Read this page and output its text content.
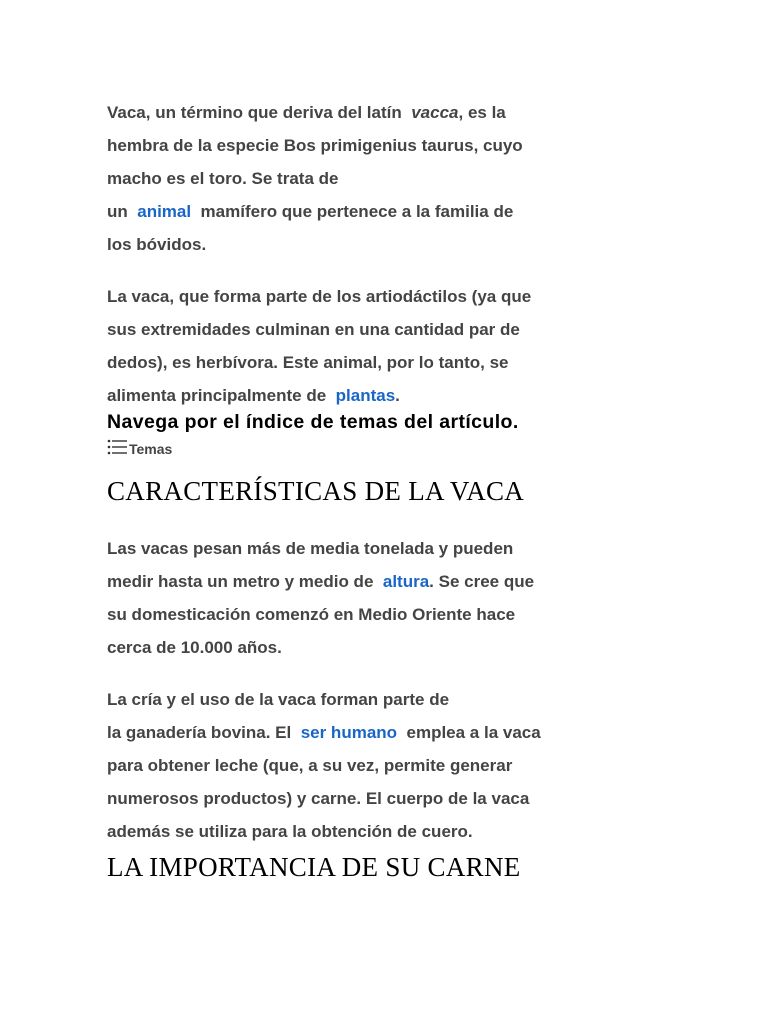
Vaca, un término que deriva del latín vacca, es la
hembra de la especie Bos primigenius taurus, cuyo
macho es el toro. Se trata de
un animal mamífero que pertenece a la familia de
los bóvidos.
La vaca, que forma parte de los artiodáctilos (ya que
sus extremidades culminan en una cantidad par de
dedos), es herbívora. Este animal, por lo tanto, se
alimenta principalmente de plantas.
Navega por el índice de temas del artículo.
Temas
CARACTERÍSTICAS DE LA VACA
Las vacas pesan más de media tonelada y pueden
medir hasta un metro y medio de altura. Se cree que
su domesticación comenzó en Medio Oriente hace
cerca de 10.000 años.
La cría y el uso de la vaca forman parte de
la ganadería bovina. El ser humano emplea a la vaca
para obtener leche (que, a su vez, permite generar
numerosos productos) y carne. El cuerpo de la vaca
además se utiliza para la obtención de cuero.
LA IMPORTANCIA DE SU CARNE
